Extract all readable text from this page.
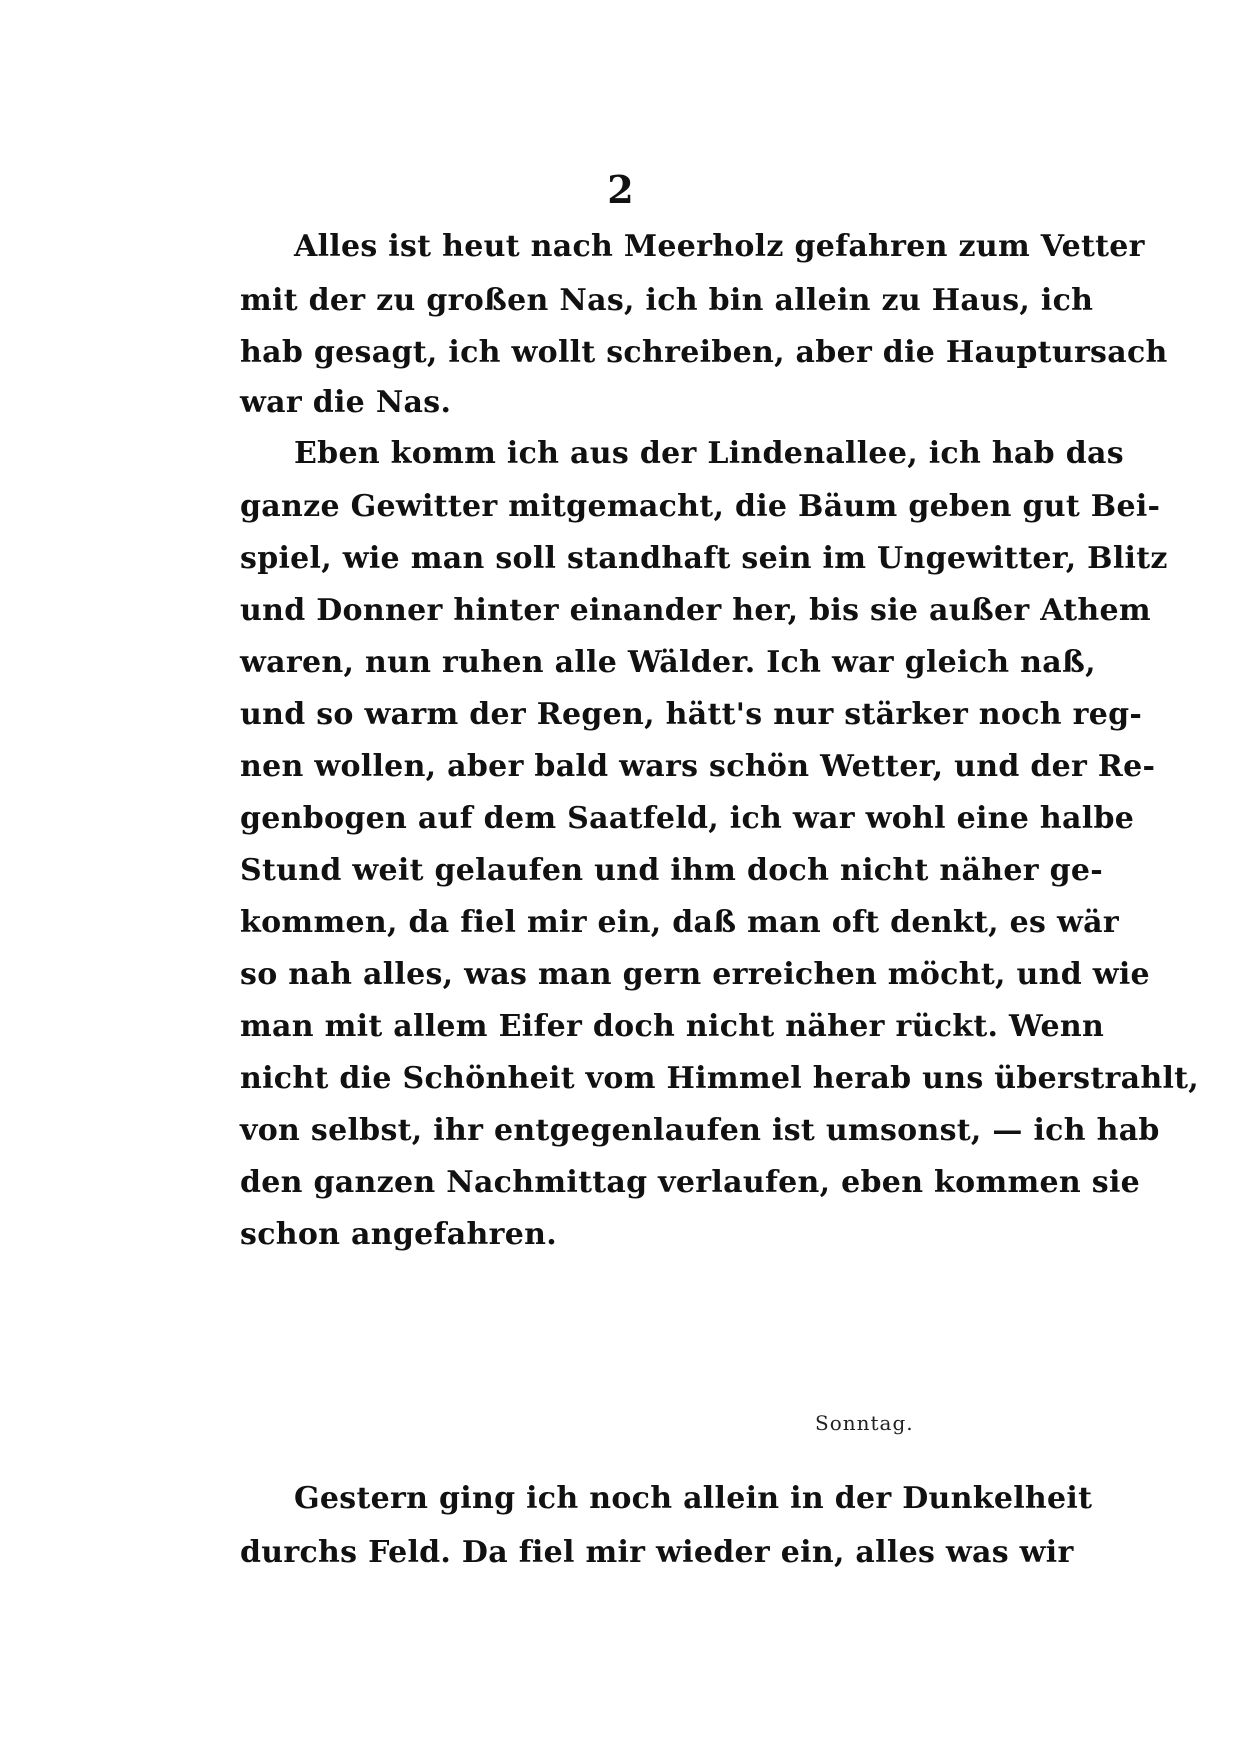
2
Alles ist heut nach Meerholz gefahren zum Vetter
mit der zu großen Nas, ich bin allein zu Haus, ich
hab gesagt, ich wollt schreiben, aber die Hauptursach
war die Nas.
Eben komm ich aus der Lindenallee, ich hab das
ganze Gewitter mitgemacht, die Bäum geben gut Bei-
spiel, wie man soll standhaft sein im Ungewitter, Blitz
und Donner hinter einander her, bis sie außer Athem
waren, nun ruhen alle Wälder. Ich war gleich naß,
und so warm der Regen, hätt's nur stärker noch reg-
nen wollen, aber bald wars schön Wetter, und der Re-
genbogen auf dem Saatfeld, ich war wohl eine halbe
Stund weit gelaufen und ihm doch nicht näher ge-
kommen, da fiel mir ein, daß man oft denkt, es wär
so nah alles, was man gern erreichen möcht, und wie
man mit allem Eifer doch nicht näher rückt. Wenn
nicht die Schönheit vom Himmel herab uns überstrahlt,
von selbst, ihr entgegenlaufen ist umsonst, — ich hab
den ganzen Nachmittag verlaufen, eben kommen sie
schon angefahren.
Sonntag.
Gestern ging ich noch allein in der Dunkelheit
durchs Feld. Da fiel mir wieder ein, alles was wir
